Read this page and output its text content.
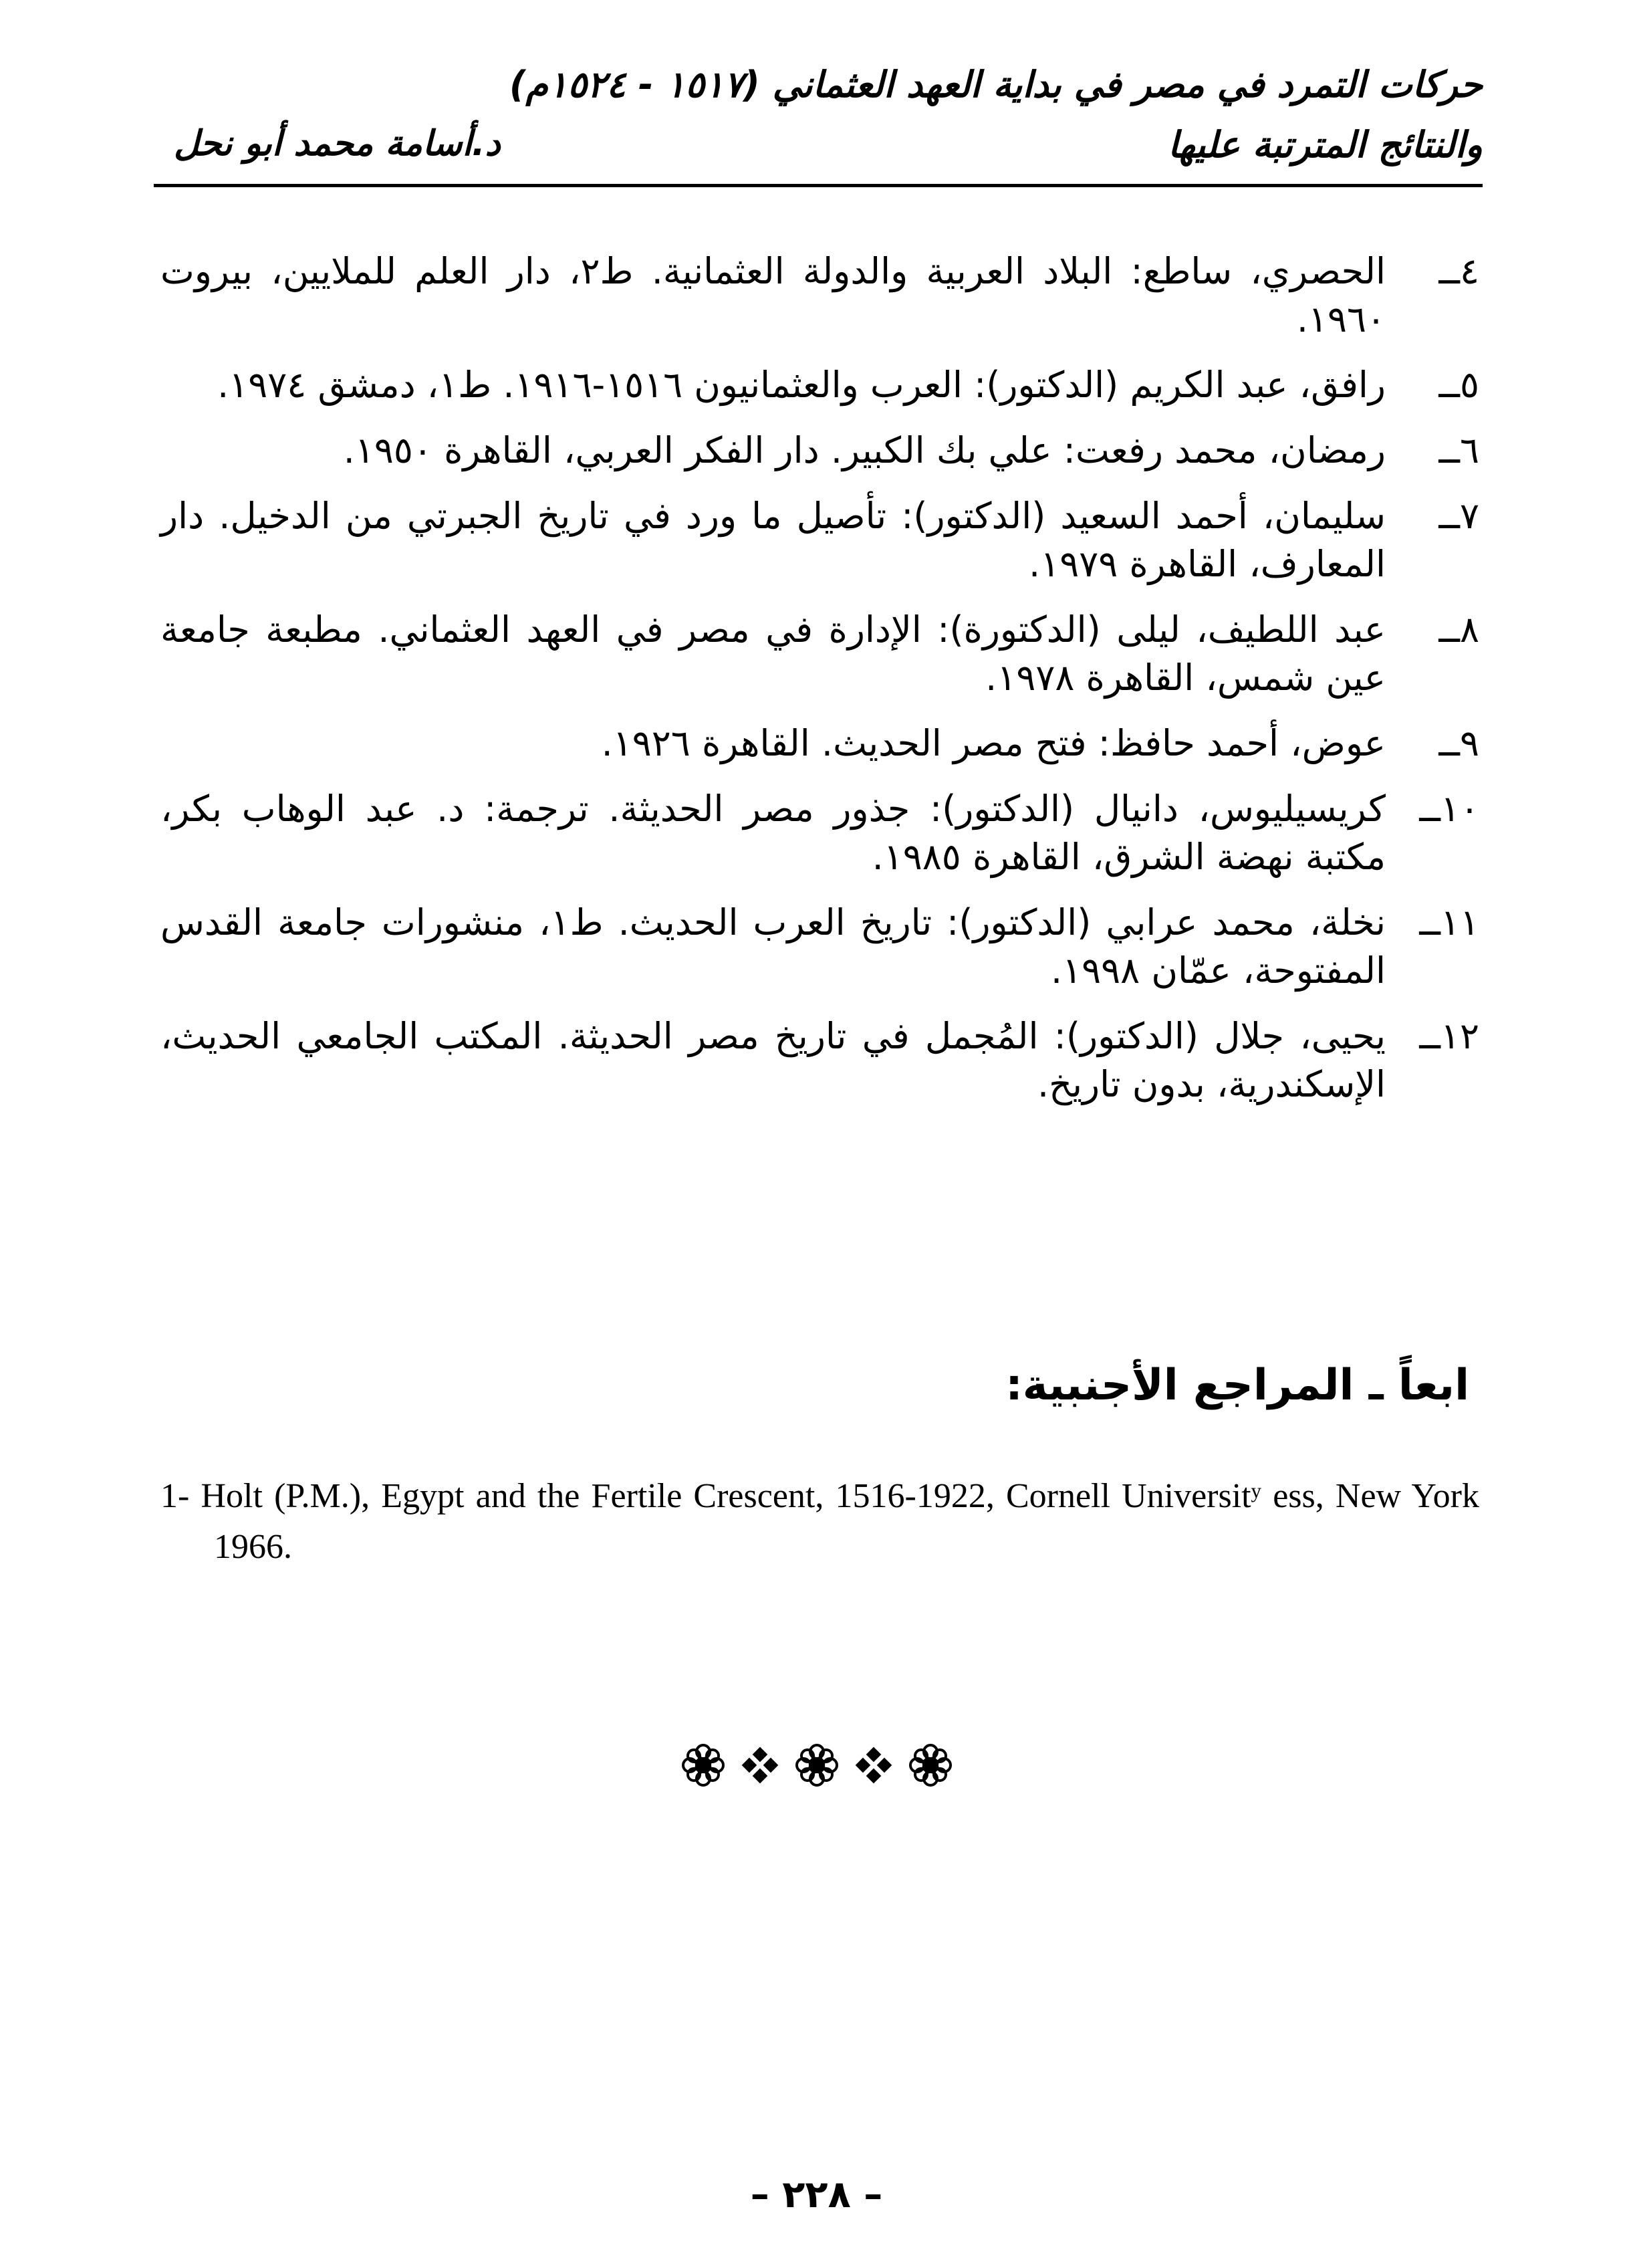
حركات التمرد في مصر في بداية العهد العثماني (١٥١٧ - ١٥٢٤م)
والنتائج المترتبة عليها
د.أسامة محمد أبو نحل
٤ــ
الحصري، ساطع: البلاد العربية والدولة العثمانية. ط٢، دار العلم للملايين، بيروت ١٩٦٠.
٥ــ
رافق، عبد الكريم (الدكتور): العرب والعثمانيون ١٥١٦-١٩١٦. ط١، دمشق ١٩٧٤.
٦ــ
رمضان، محمد رفعت: علي بك الكبير. دار الفكر العربي، القاهرة ١٩٥٠.
٧ــ
سليمان، أحمد السعيد (الدكتور): تأصيل ما ورد في تاريخ الجبرتي من الدخيل. دار المعارف، القاهرة ١٩٧٩.
٨ــ
عبد اللطيف، ليلى (الدكتورة): الإدارة في مصر في العهد العثماني. مطبعة جامعة عين شمس، القاهرة ١٩٧٨.
٩ــ
عوض، أحمد حافظ: فتح مصر الحديث. القاهرة ١٩٢٦.
١٠ــ
كريسيليوس، دانيال (الدكتور): جذور مصر الحديثة. ترجمة: د. عبد الوهاب بكر، مكتبة نهضة الشرق، القاهرة ١٩٨٥.
١١ــ
نخلة، محمد عرابي (الدكتور): تاريخ العرب الحديث. ط١، منشورات جامعة القدس المفتوحة، عمّان ١٩٩٨.
١٢ــ
يحيى، جلال (الدكتور): المُجمل في تاريخ مصر الحديثة. المكتب الجامعي الحديث، الإسكندرية، بدون تاريخ.
ابعاً ـ المراجع الأجنبية:
1- Holt (P.M.), Egypt and the Fertile Crescent, 1516-1922, Cornell Universitʸ ess, New York 1966.
– ٢٢٨ –
